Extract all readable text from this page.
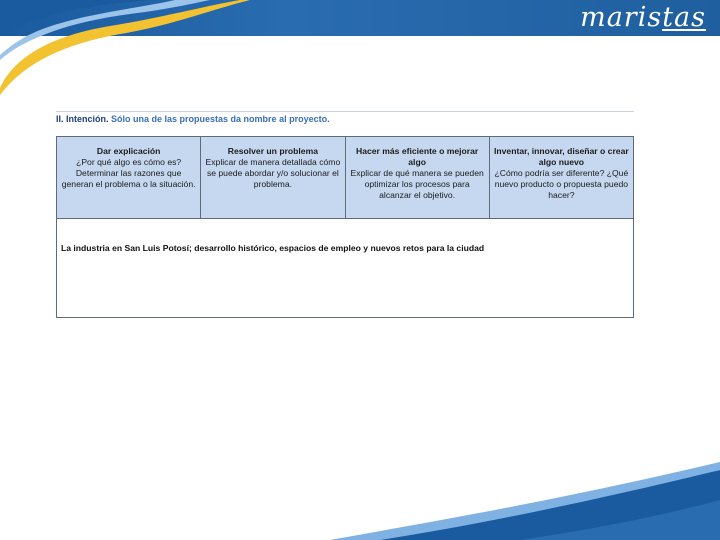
maristas
II. Intención. Sólo una de las propuestas da nombre al proyecto.
Dar explicación
¿Por qué algo es cómo es? Determinar las razones que generan el problema o la situación.
Resolver un problema
Explicar de manera detallada cómo se puede abordar y/o solucionar el problema.
Hacer más eficiente o mejorar algo
Explicar de qué manera se pueden optimizar los procesos para alcanzar el objetivo.
Inventar, innovar, diseñar o crear algo nuevo
¿Cómo podría ser diferente? ¿Qué nuevo producto o propuesta puedo hacer?
La industria en San Luis Potosí; desarrollo histórico, espacios de empleo y nuevos retos para la ciudad
